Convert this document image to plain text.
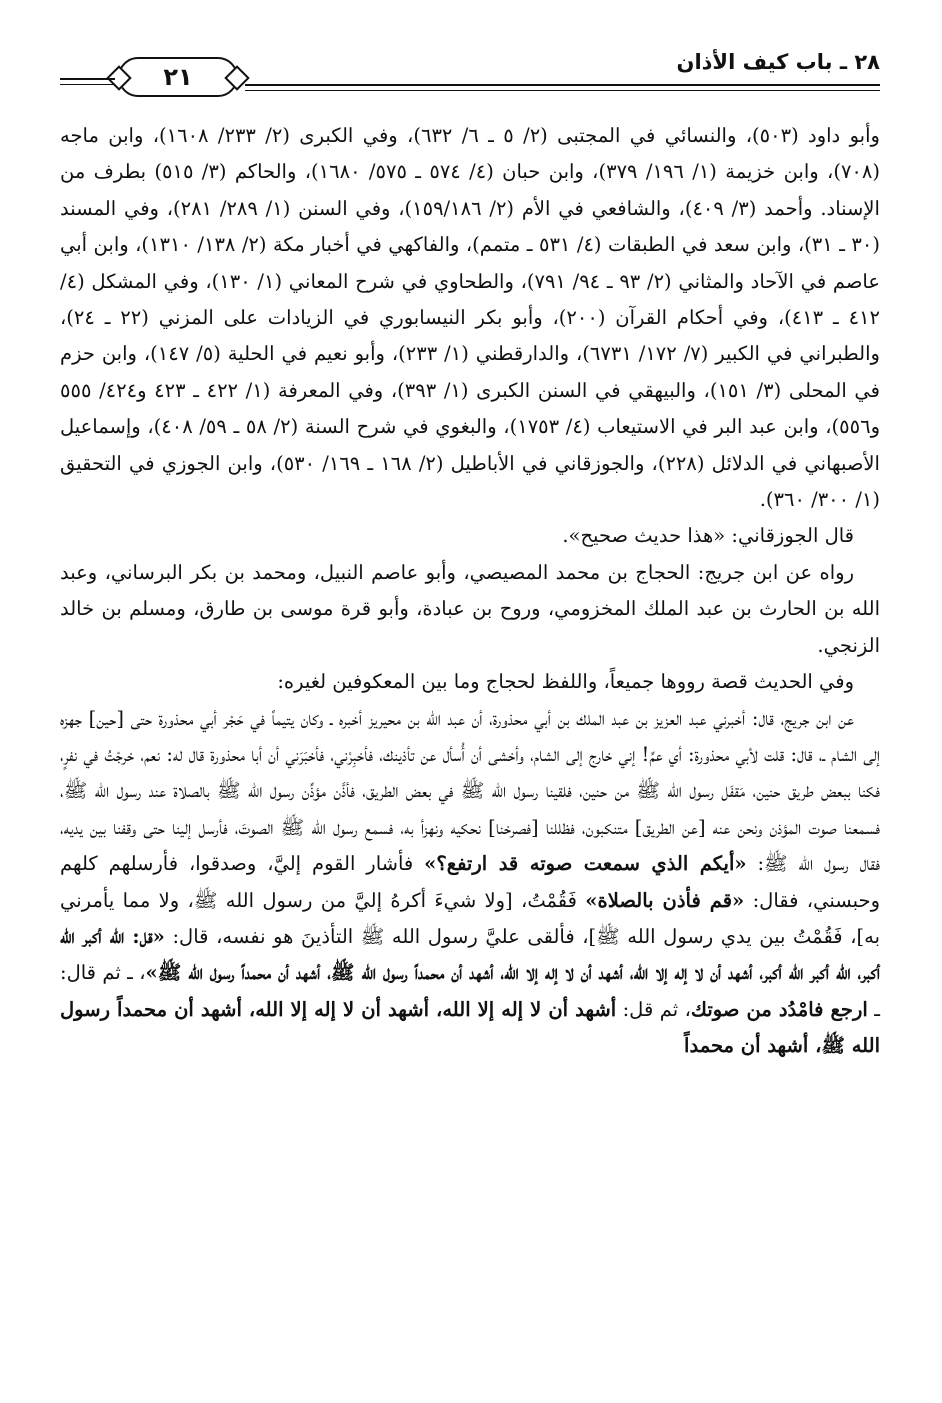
٢٨ ـ باب كيف الأذان
٢١

وأبو داود (٥٠٣)، والنسائي في المجتبى (٢/ ٥ ـ ٦/ ٦٣٢)، وفي الكبرى (٢/ ٢٣٣/ ١٦٠٨)، وابن ماجه (٧٠٨)، وابن خزيمة (١/ ١٩٦/ ٣٧٩)، وابن حبان (٤/ ٥٧٤ ـ ٥٧٥/ ١٦٨٠)، والحاكم (٣/ ٥١٥) بطرف من الإسناد. وأحمد (٣/ ٤٠٩)، والشافعي في الأم (٢/ ١٥٩/١٨٦)، وفي السنن (١/ ٢٨٩/ ٢٨١)، وفي المسند (٣٠ ـ ٣١)، وابن سعد في الطبقات (٤/ ٥٣١ ـ متمم)، والفاكهي في أخبار مكة (٢/ ١٣٨/ ١٣١٠)، وابن أبي عاصم في الآحاد والمثاني (٢/ ٩٣ ـ ٩٤/ ٧٩١)، والطحاوي في شرح المعاني (١/ ١٣٠)، وفي المشكل (٤/ ٤١٢ ـ ٤١٣)، وفي أحكام القرآن (٢٠٠)، وأبو بكر النيسابوري في الزيادات على المزني (٢٢ ـ ٢٤)، والطبراني في الكبير (٧/ ١٧٢/ ٦٧٣١)، والدارقطني (١/ ٢٣٣)، وأبو نعيم في الحلية (٥/ ١٤٧)، وابن حزم في المحلى (٣/ ١٥١)، والبيهقي في السنن الكبرى (١/ ٣٩٣)، وفي المعرفة (١/ ٤٢٢ ـ ٤٢٣ و٤٢٤/ ٥٥٥ و٥٥٦)، وابن عبد البر في الاستيعاب (٤/ ١٧٥٣)، والبغوي في شرح السنة (٢/ ٥٨ ـ ٥٩/ ٤٠٨)، وإسماعيل الأصبهاني في الدلائل (٢٢٨)، والجوزقاني في الأباطيل (٢/ ١٦٨ ـ ١٦٩/ ٥٣٠)، وابن الجوزي في التحقيق (١/ ٣٠٠/ ٣٦٠).

قال الجوزقاني: «هذا حديث صحيح».

رواه عن ابن جريج: الحجاج بن محمد المصيصي، وأبو عاصم النبيل، ومحمد بن بكر البرساني، وعبد الله بن الحارث بن عبد الملك المخزومي، وروح بن عبادة، وأبو قرة موسى بن طارق، ومسلم بن خالد الزنجي.

وفي الحديث قصة رووها جميعاً، واللفظ لحجاج وما بين المعكوفين لغيره:

عن ابن جريج، قال: أخبرني عبد العزيز بن عبد الملك بن أبي محذورة، أن عبد الله بن محيريز أخبره ـ وكان يتيماً في حَجْر أبي محذورة حتى [حين] جهزه إلى الشام ـ، قال: قلت لأبي محذورة: أي عمِّ! إني خارج إلى الشام، وأخشى أن أُسأل عن تأذينك، فأخبِرْني، فأخبَرَني أن أبا محذورة قال له: نعم، خرجْتُ في نفرٍ، فكنا ببعض طريق حنين، مَقفَل رسول الله ﷺ من حنين، فلقينا رسول الله ﷺ في بعض الطريق، فأذَّن مؤذِّن رسول الله ﷺ بالصلاة عند رسول الله ﷺ، فسمعنا صوت المؤذن ونحن عنه [عن الطريق] متنكبون، فظللنا [فصرخنا] نحكيه ونهزأ به، فسمع رسول الله ﷺ الصوتَ، فأرسل إلينا حتى وقفنا بين يديه، فقال رسول الله ﷺ: «أيكم الذي سمعت صوته قد ارتفع؟» فأشار القوم إليَّ، وصدقوا، فأرسلهم كلهم وحبسني، فقال: «قم فأذن بالصلاة» فَقُمْتُ، [ولا شيءَ أكرهُ إليَّ من رسول الله ﷺ، ولا مما يأمرني به]، فَقُمْتُ بين يدي رسول الله ﷺ]، فألقى عليَّ رسول الله ﷺ التأذينَ هو نفسه، قال: «قل: الله أكبر الله أكبر، الله أكبر الله أكبر، أشهد أن لا إله إلا الله، أشهد أن لا إله إلا الله، أشهد أن محمداً رسول الله ﷺ، أشهد أن محمداً رسول الله ﷺ»، ـ ثم قال: ـ ارجع فامْدُد من صوتك، ثم قل: أشهد أن لا إله إلا الله، أشهد أن لا إله إلا الله، أشهد أن محمداً رسول الله ﷺ، أشهد أن محمداً
